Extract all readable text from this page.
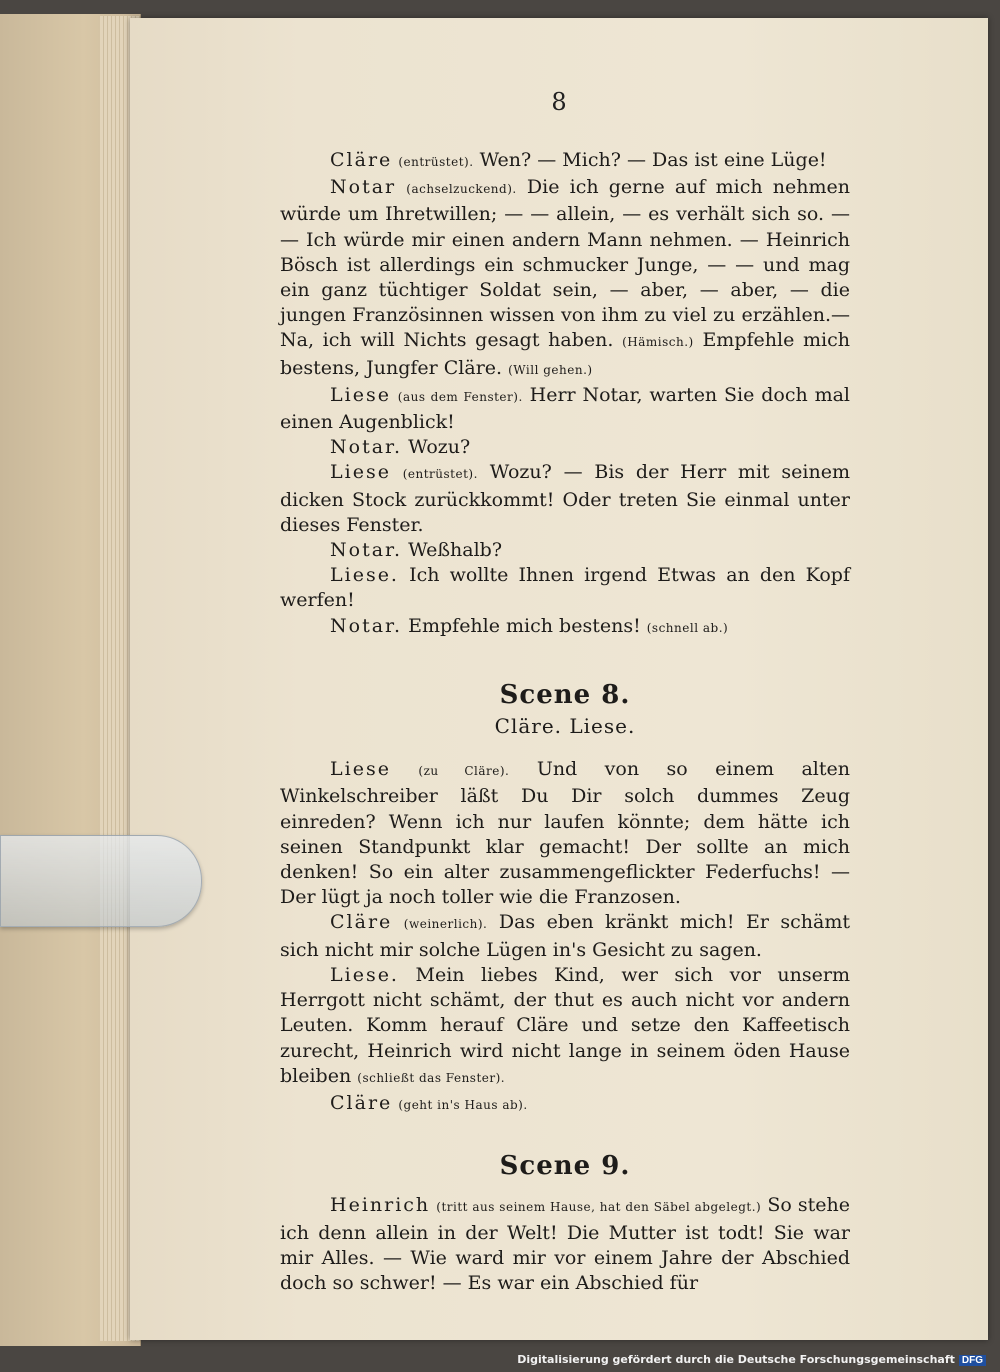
8

Cläre (entrüstet). Wen? — Mich? — Das ist eine Lüge!

Notar (achselzuckend). Die ich gerne auf mich nehmen würde um Ihretwillen; — — allein, — es verhält sich so. — — Ich würde mir einen andern Mann nehmen. — Heinrich Bösch ist allerdings ein schmucker Junge, — — und mag ein ganz tüchtiger Soldat sein, — aber, — aber, — die jungen Französinnen wissen von ihm zu viel zu erzählen.— Na, ich will Nichts gesagt haben. (Hämisch.) Empfehle mich bestens, Jungfer Cläre. (Will gehen.)

Liese (aus dem Fenster). Herr Notar, warten Sie doch mal einen Augenblick!

Notar. Wozu?

Liese (entrüstet). Wozu? — Bis der Herr mit seinem dicken Stock zurückkommt! Oder treten Sie einmal unter dieses Fenster.

Notar. Weßhalb?

Liese. Ich wollte Ihnen irgend Etwas an den Kopf werfen!

Notar. Empfehle mich bestens! (schnell ab.)

Scene 8.
Cläre. Liese.

Liese (zu Cläre). Und von so einem alten Winkelschreiber läßt Du Dir solch dummes Zeug einreden? Wenn ich nur laufen könnte; dem hätte ich seinen Standpunkt klar gemacht! Der sollte an mich denken! So ein alter zusammengeflickter Federfuchs! — Der lügt ja noch toller wie die Franzosen.

Cläre (weinerlich). Das eben kränkt mich! Er schämt sich nicht mir solche Lügen in's Gesicht zu sagen.

Liese. Mein liebes Kind, wer sich vor unserm Herrgott nicht schämt, der thut es auch nicht vor andern Leuten. Komm herauf Cläre und setze den Kaffeetisch zurecht, Heinrich wird nicht lange in seinem öden Hause bleiben (schließt das Fenster).

Cläre (geht in's Haus ab).

Scene 9.

Heinrich (tritt aus seinem Hause, hat den Säbel abgelegt.) So stehe ich denn allein in der Welt! Die Mutter ist todt! Sie war mir Alles. — Wie ward mir vor einem Jahre der Abschied doch so schwer! — Es war ein Abschied für

Digitalisierung gefördert durch die Deutsche Forschungsgemeinschaft DFG
